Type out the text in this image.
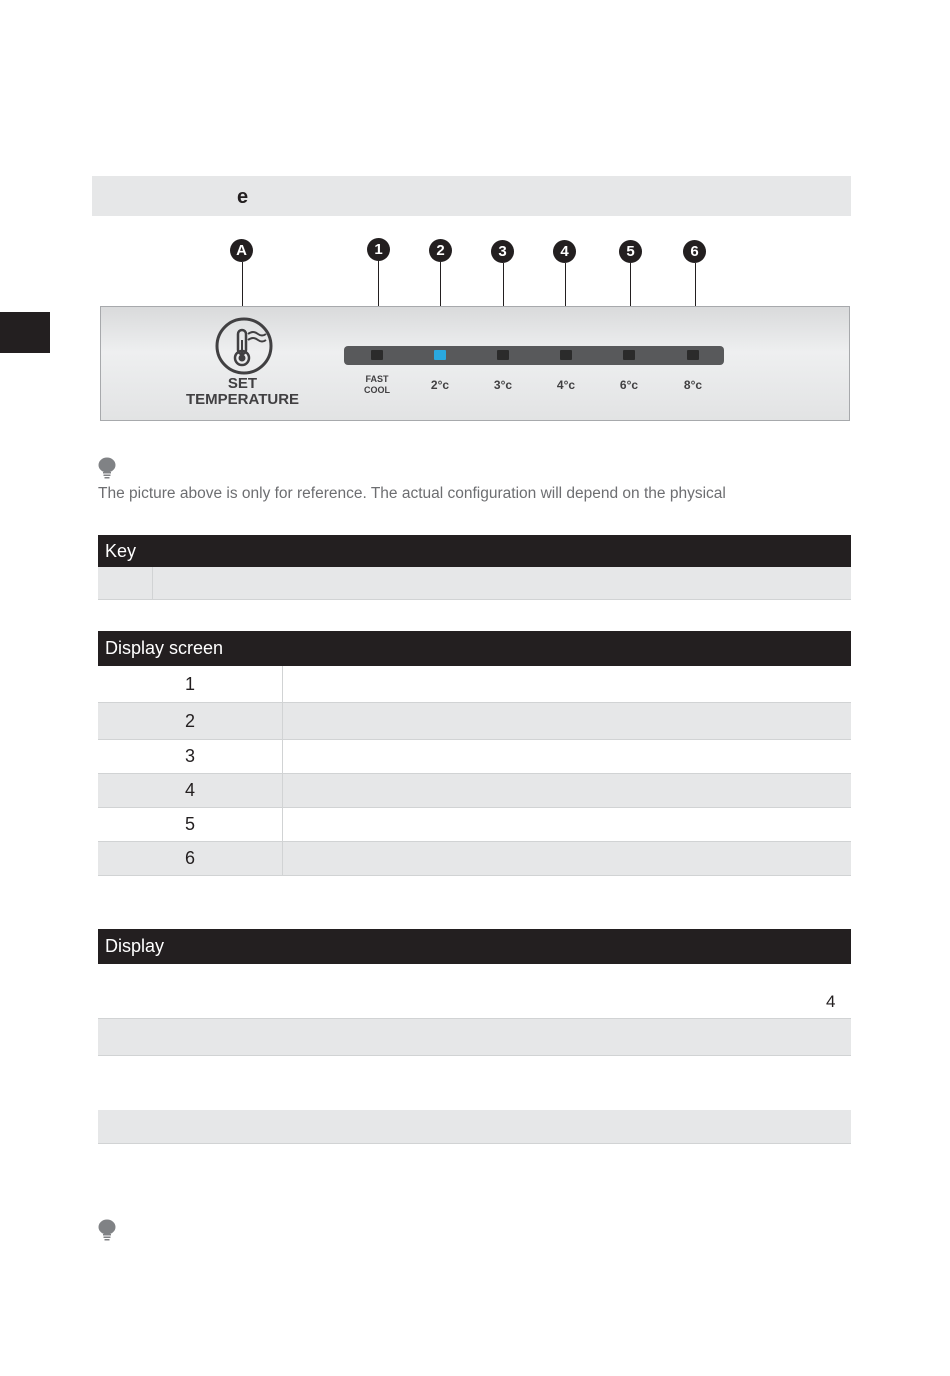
e
A	1	2	3	4	5	6
SET
TEMPERATURE
FAST
COOL	2°c	3°c	4°c	6°c	8°c
The picture above is only for reference. The actual configuration will depend on the physical
Key
Display screen
1
2
3
4
5
6
Display
4
